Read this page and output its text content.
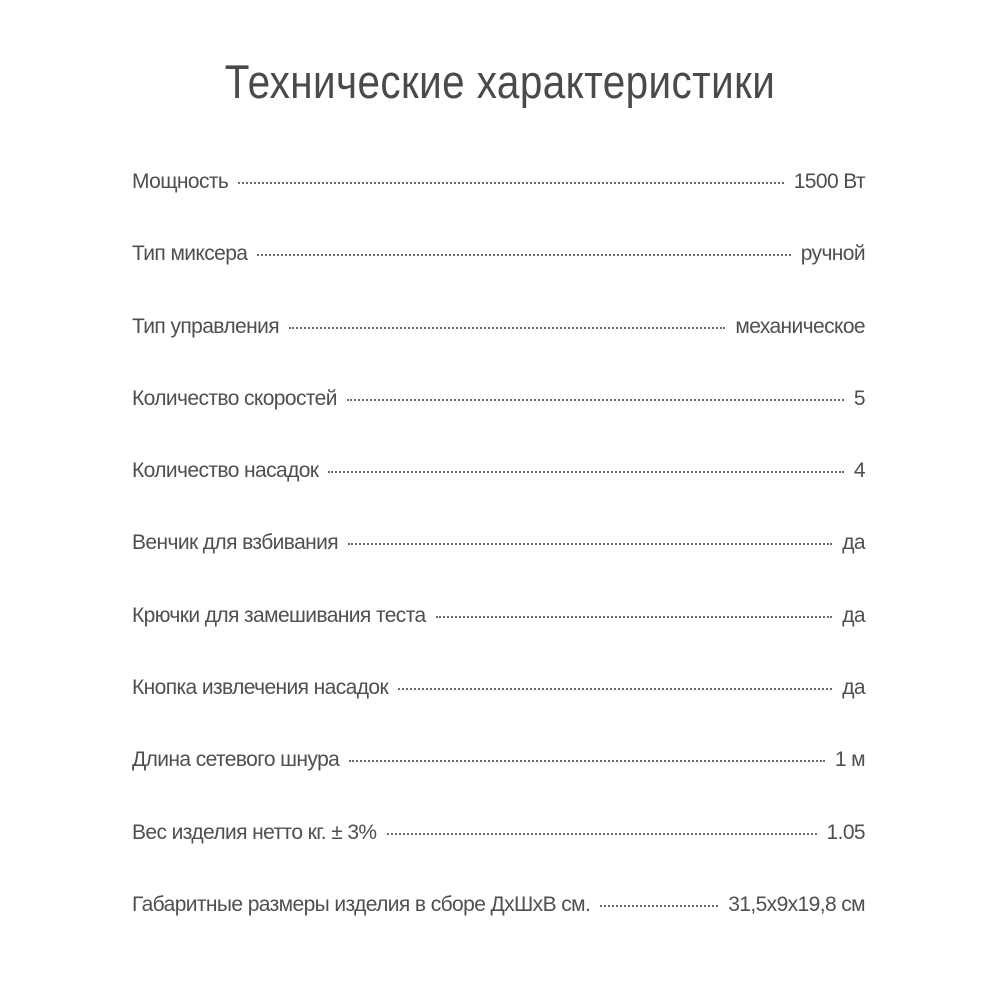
Технические характеристики
Мощность	1500 Вт
Тип миксера	ручной
Тип управления	механическое
Количество скоростей	5
Количество насадок	4
Венчик для взбивания	да
Крючки для замешивания теста	да
Кнопка извлечения насадок	да
Длина сетевого шнура	1 м
Вес изделия нетто кг. ± 3%	1.05
Габаритные размеры изделия в сборе ДхШхВ см.	31,5x9x19,8 см
